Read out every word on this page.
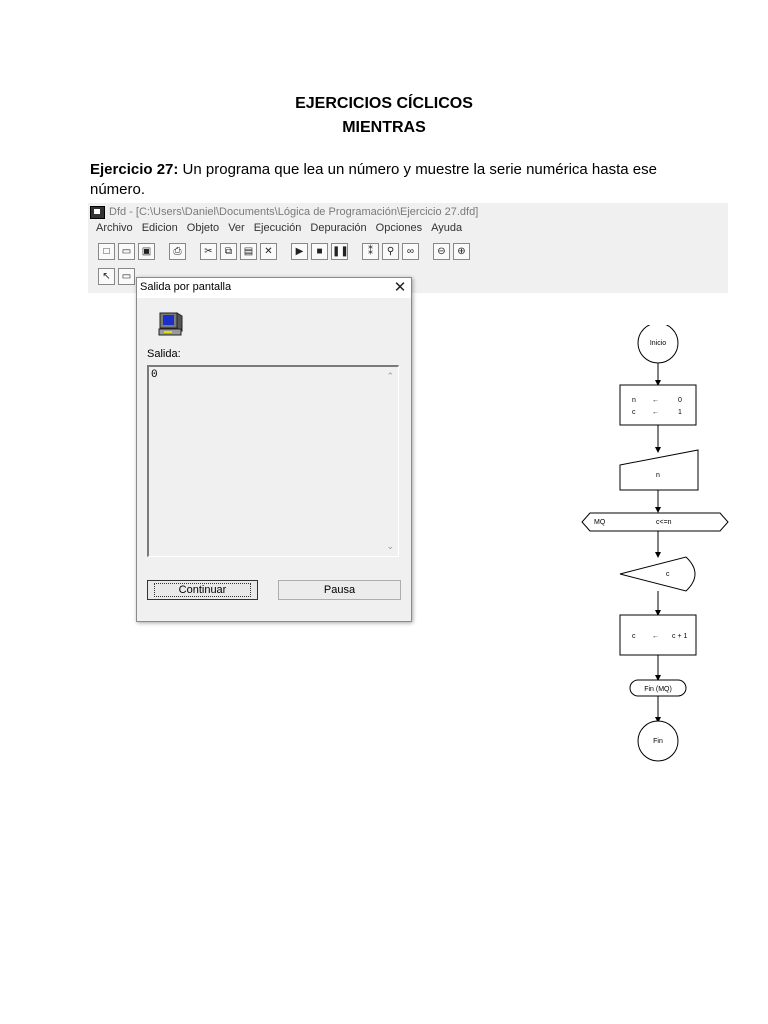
EJERCICIOS CÍCLICOS
MIENTRAS
Ejercicio 27: Un programa que lea un número y muestre la serie numérica hasta ese número.
Dfd - [C:\Users\Daniel\Documents\Lógica de Programación\Ejercicio 27.dfd]
Archivo Edicion Objeto Ver Ejecución Depuración Opciones Ayuda
□	▭	▣	⎙	✂	⧉	▤	✕	▶	■ ❚❚	⁑	⚲	∞	⊖	⊕
↖	▭
Salida por pantalla	✕
Salida:
0	⌃
⌄
Continuar	Pausa
Inicio
n ←	0
c ←	1
n
MQ	c<=n
c
c ← c + 1
Fin (MQ)
Fin
